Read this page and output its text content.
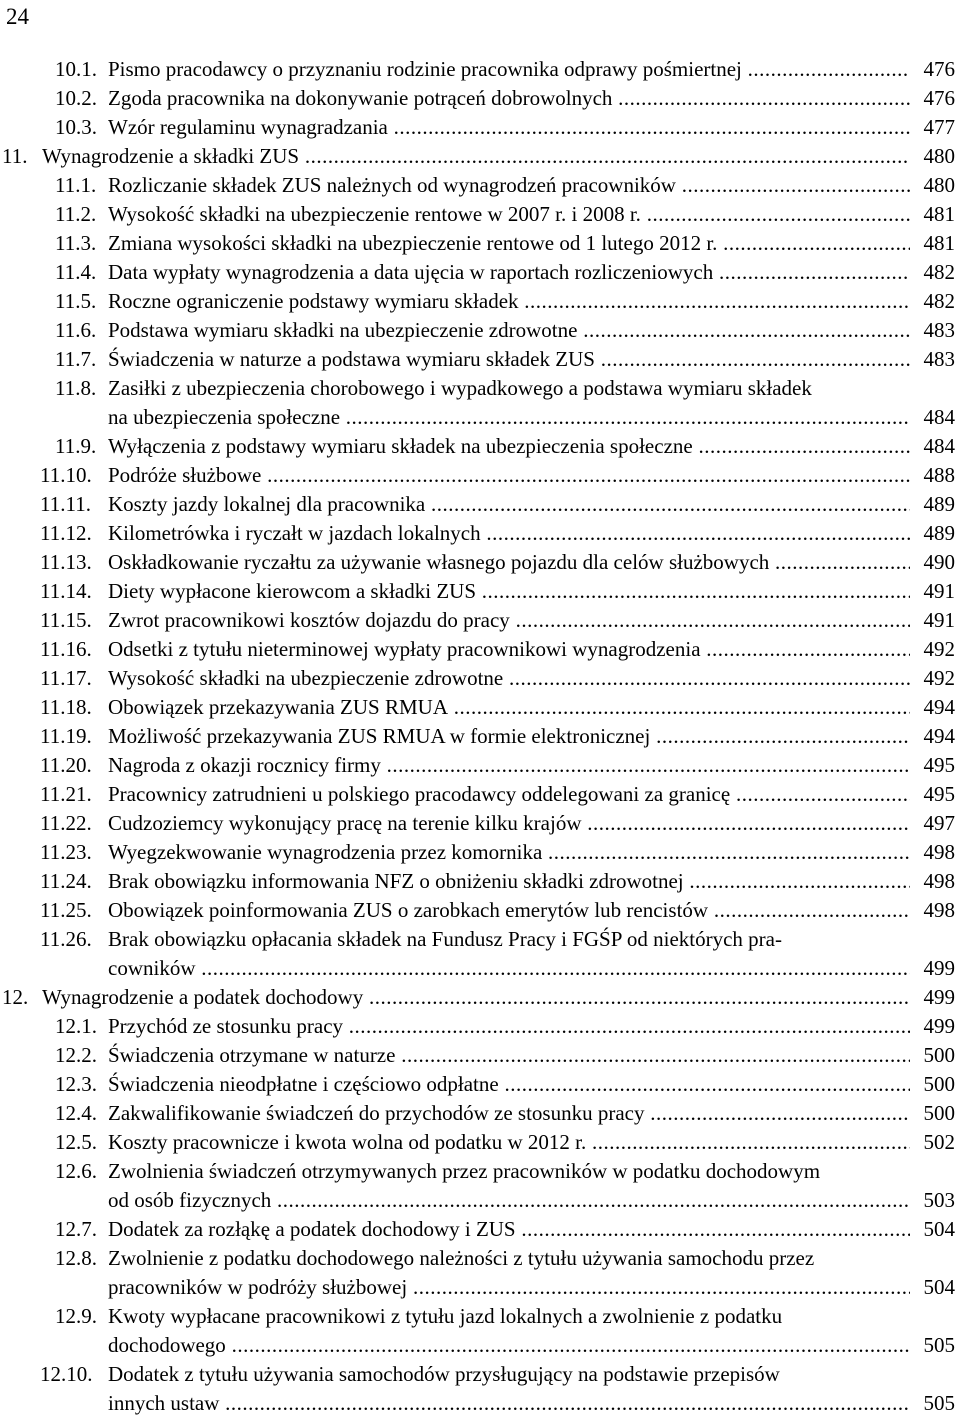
24
10.1. Pismo pracodawcy o przyznaniu rodzinie pracownika odprawy pośmiertnej .....	476
10.2. Zgoda pracownika na dokonywanie potrąceń dobrowolnych .....	476
10.3. Wzór regulaminu wynagradzania .....	477
11. Wynagrodzenie a składki ZUS .....	480
11.1. Rozliczanie składek ZUS należnych od wynagrodzeń pracowników .....	480
11.2. Wysokość składki na ubezpieczenie rentowe w 2007 r. i 2008 r. .....	481
11.3. Zmiana wysokości składki na ubezpieczenie rentowe od 1 lutego 2012 r. .....	481
11.4. Data wypłaty wynagrodzenia a data ujęcia w raportach rozliczeniowych .....	482
11.5. Roczne ograniczenie podstawy wymiaru składek .....	482
11.6. Podstawa wymiaru składki na ubezpieczenie zdrowotne .....	483
11.7. Świadczenia w naturze a podstawa wymiaru składek ZUS .....	483
11.8. Zasiłki z ubezpieczenia chorobowego i wypadkowego a podstawa wymiaru składek
na ubezpieczenia społeczne .....	484
11.9. Wyłączenia z podstawy wymiaru składek na ubezpieczenia społeczne .....	484
11.10. Podróże służbowe .....	488
11.11. Koszty jazdy lokalnej dla pracownika .....	489
11.12. Kilometrówka i ryczałt w jazdach lokalnych .....	489
11.13. Oskładkowanie ryczałtu za używanie własnego pojazdu dla celów służbowych .....	490
11.14. Diety wypłacone kierowcom a składki ZUS .....	491
11.15. Zwrot pracownikowi kosztów dojazdu do pracy .....	491
11.16. Odsetki z tytułu nieterminowej wypłaty pracownikowi wynagrodzenia .....	492
11.17. Wysokość składki na ubezpieczenie zdrowotne .....	492
11.18. Obowiązek przekazywania ZUS RMUA .....	494
11.19. Możliwość przekazywania ZUS RMUA w formie elektronicznej .....	494
11.20. Nagroda z okazji rocznicy firmy .....	495
11.21. Pracownicy zatrudnieni u polskiego pracodawcy oddelegowani za granicę .....	495
11.22. Cudzoziemcy wykonujący pracę na terenie kilku krajów .....	497
11.23. Wyegzekwowanie wynagrodzenia przez komornika .....	498
11.24. Brak obowiązku informowania NFZ o obniżeniu składki zdrowotnej .....	498
11.25. Obowiązek poinformowania ZUS o zarobkach emerytów lub rencistów .....	498
11.26. Brak obowiązku opłacania składek na Fundusz Pracy i FGŚP od niektórych pra-
cowników .....	499
12. Wynagrodzenie a podatek dochodowy .....	499
12.1. Przychód ze stosunku pracy .....	499
12.2. Świadczenia otrzymane w naturze .....	500
12.3. Świadczenia nieodpłatne i częściowo odpłatne .....	500
12.4. Zakwalifikowanie świadczeń do przychodów ze stosunku pracy .....	500
12.5. Koszty pracownicze i kwota wolna od podatku w 2012 r. .....	502
12.6. Zwolnienia świadczeń otrzymywanych przez pracowników w podatku dochodowym
od osób fizycznych .....	503
12.7. Dodatek za rozłąkę a podatek dochodowy i ZUS .....	504
12.8. Zwolnienie z podatku dochodowego należności z tytułu używania samochodu przez
pracowników w podróży służbowej .....	504
12.9. Kwoty wypłacane pracownikowi z tytułu jazd lokalnych a zwolnienie z podatku
dochodowego .....	505
12.10. Dodatek z tytułu używania samochodów przysługujący na podstawie przepisów
innych ustaw .....	505
